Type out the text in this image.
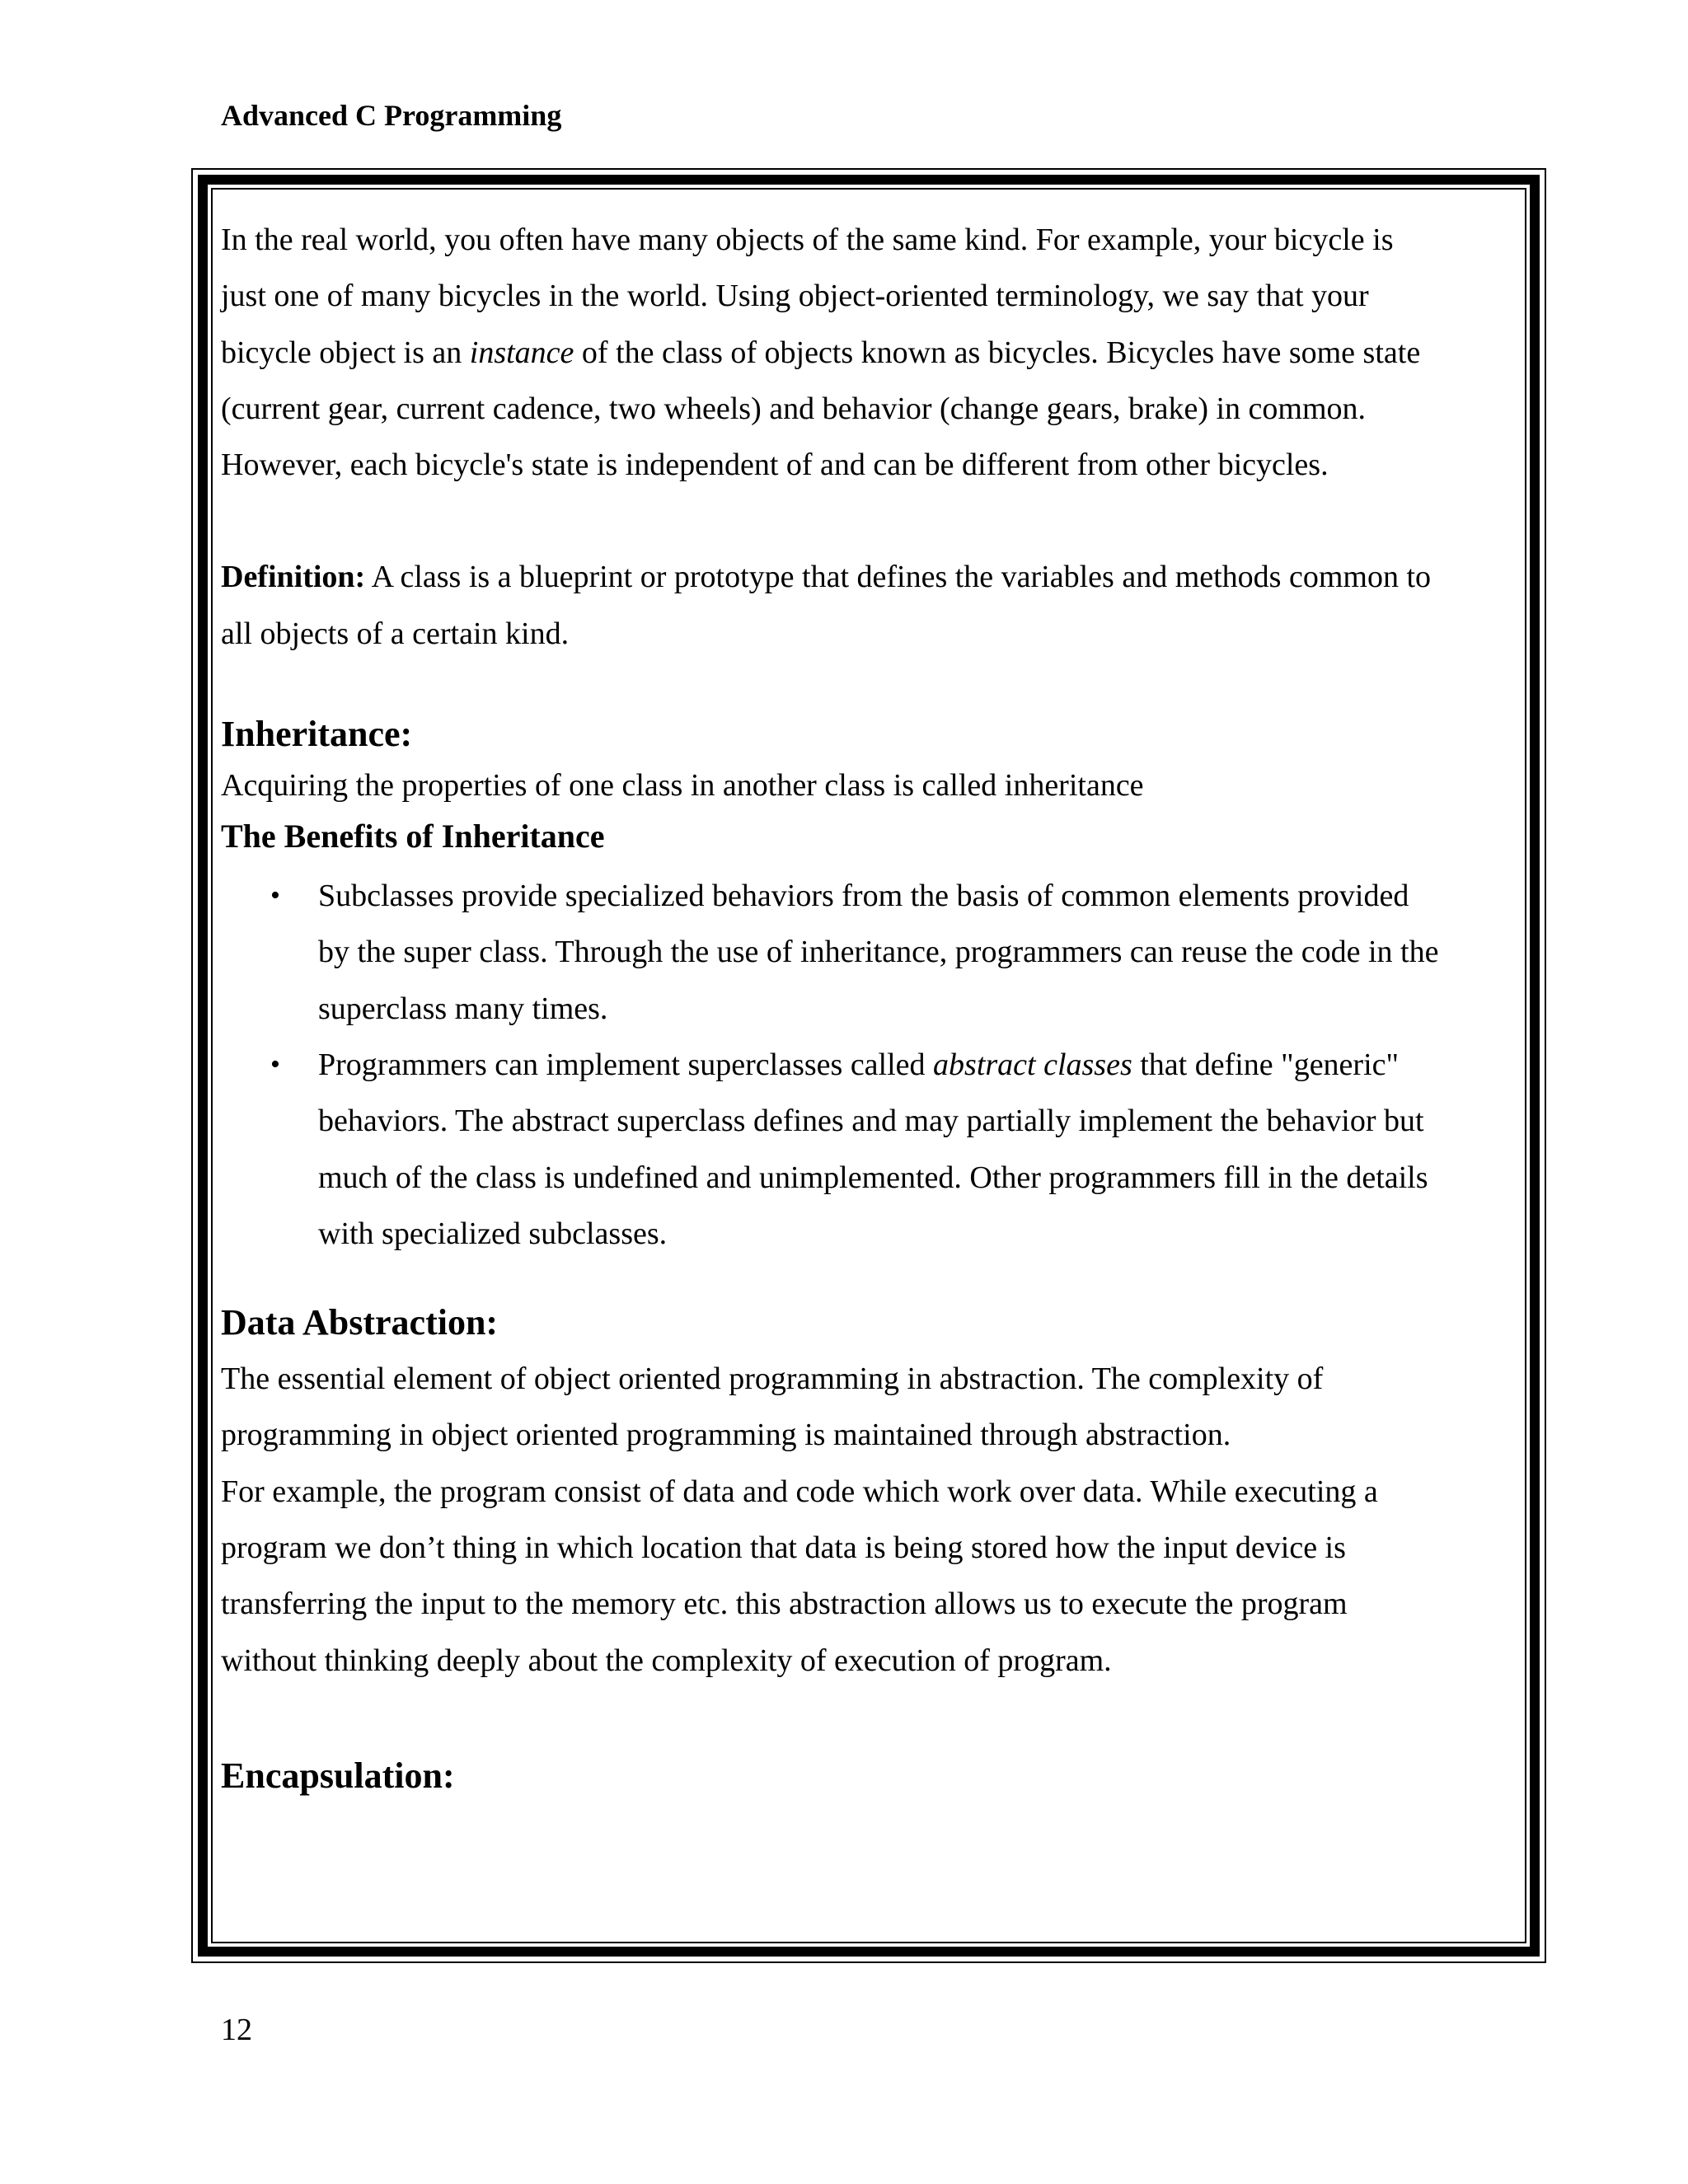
Advanced C Programming

In the real world, you often have many objects of the same kind. For example, your bicycle is
just one of many bicycles in the world. Using object-oriented terminology, we say that your
bicycle object is an instance of the class of objects known as bicycles. Bicycles have some state
(current gear, current cadence, two wheels) and behavior (change gears, brake) in common.
However, each bicycle's state is independent of and can be different from other bicycles.

Definition: A class is a blueprint or prototype that defines the variables and methods common to
all objects of a certain kind.

Inheritance:

Acquiring the properties of one class in another class is called inheritance

The Benefits of Inheritance
• Subclasses provide specialized behaviors from the basis of common elements provided
by the super class. Through the use of inheritance, programmers can reuse the code in the
superclass many times.
• Programmers can implement superclasses called abstract classes that define "generic"
behaviors. The abstract superclass defines and may partially implement the behavior but
much of the class is undefined and unimplemented. Other programmers fill in the details
with specialized subclasses.
Data Abstraction:

The essential element of object oriented programming in abstraction. The complexity of
programming in object oriented programming is maintained through abstraction.
For example, the program consist of data and code which work over data. While executing a
program we don’t thing in which location that data is being stored how the input device is
transferring the input to the memory etc. this abstraction allows us to execute the program
without thinking deeply about the complexity of execution of program.

Encapsulation:
12
